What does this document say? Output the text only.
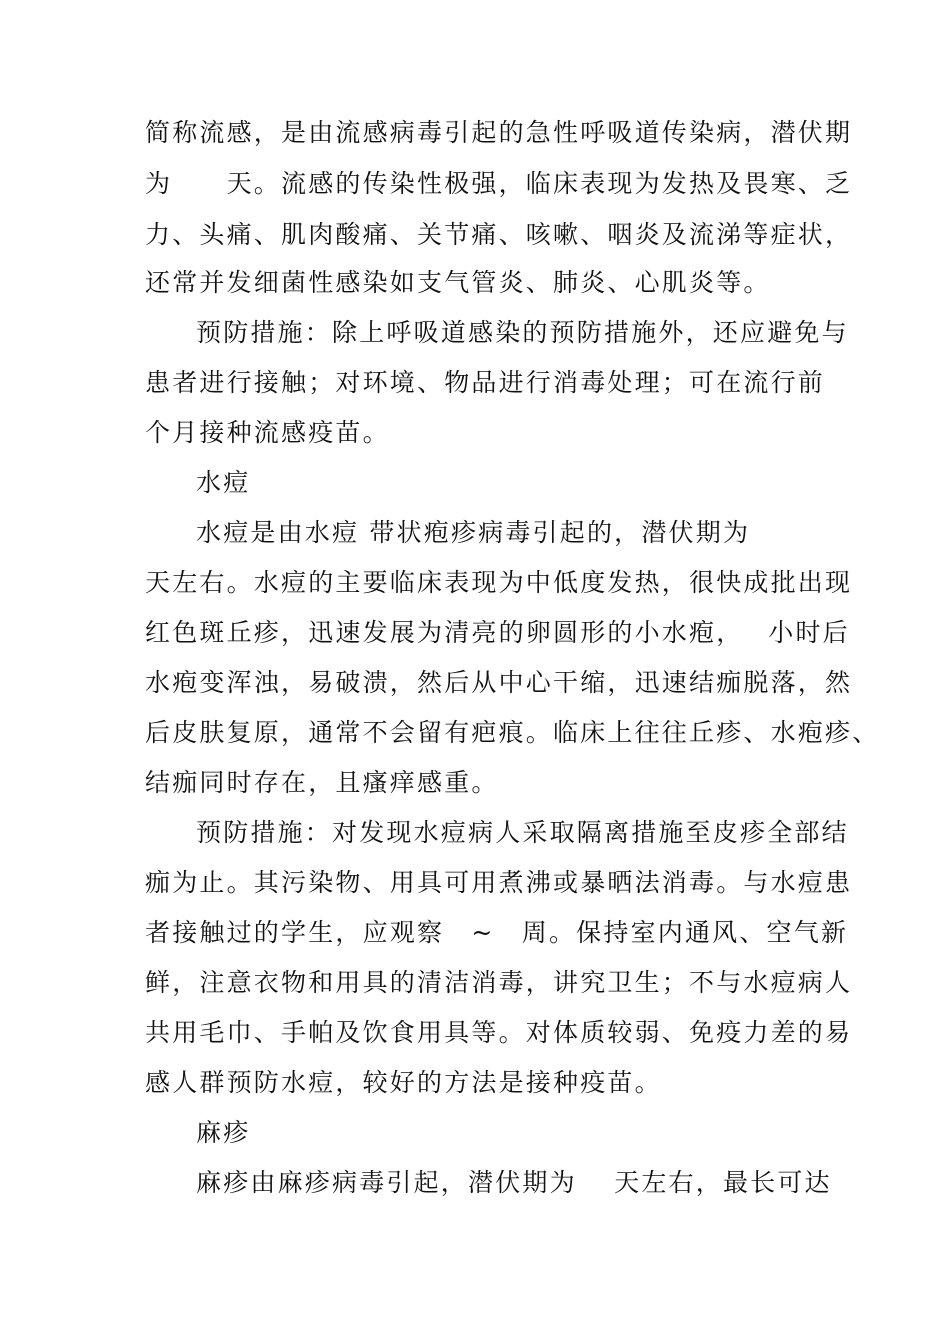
简称流感，是由流感病毒引起的急性呼吸道传染病，潜伏期
为　　天。流感的传染性极强，临床表现为发热及畏寒、乏
力、头痛、肌肉酸痛、关节痛、咳嗽、咽炎及流涕等症状，
还常并发细菌性感染如支气管炎、肺炎、心肌炎等。
预防措施：除上呼吸道感染的预防措施外，还应避免与
患者进行接触；对环境、物品进行消毒处理；可在流行前
个月接种流感疫苗。
水痘
水痘是由水痘 带状疱疹病毒引起的，潜伏期为
天左右。水痘的主要临床表现为中低度发热，很快成批出现
红色斑丘疹，迅速发展为清亮的卵圆形的小水疱，　 小时后
水疱变浑浊，易破溃，然后从中心干缩，迅速结痂脱落，然
后皮肤复原，通常不会留有疤痕。临床上往往丘疹、水疱疹、
结痂同时存在，且瘙痒感重。
预防措施：对发现水痘病人采取隔离措施至皮疹全部结
痂为止。其污染物、用具可用煮沸或暴晒法消毒。与水痘患
者接触过的学生，应观察　~　周。保持室内通风、空气新
鲜，注意衣物和用具的清洁消毒，讲究卫生；不与水痘病人
共用毛巾、手帕及饮食用具等。对体质较弱、免疫力差的易
感人群预防水痘，较好的方法是接种疫苗。
麻疹
麻疹由麻疹病毒引起，潜伏期为　 天左右，最长可达
